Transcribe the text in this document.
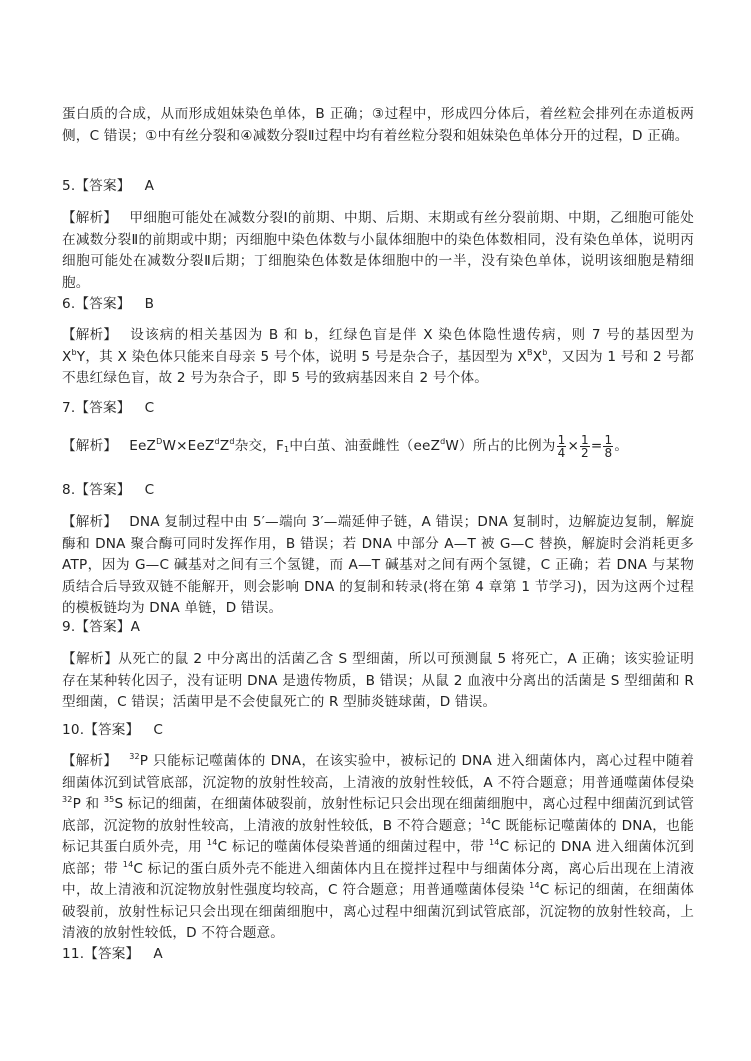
蛋白质的合成，从而形成姐妹染色单体，B 正确；③过程中，形成四分体后，着丝粒会排列在赤道板两侧，C 错误；①中有丝分裂和④减数分裂Ⅱ过程中均有着丝粒分裂和姐妹染色单体分开的过程，D 正确。

5.【答案】 A

【解析】 甲细胞可能处在减数分裂Ⅰ的前期、中期、后期、末期或有丝分裂前期、中期，乙细胞可能处在减数分裂Ⅱ的前期或中期；丙细胞中染色体数与小鼠体细胞中的染色体数相同，没有染色单体，说明丙细胞可能处在减数分裂Ⅱ后期；丁细胞染色体数是体细胞中的一半，没有染色单体，说明该细胞是精细胞。

6.【答案】 B

【解析】 设该病的相关基因为 B 和 b，红绿色盲是伴 X 染色体隐性遗传病，则 7 号的基因型为 $X^bY$，其 X 染色体只能来自母亲 5 号个体，说明 5 号是杂合子，基因型为 $X^BX^b$，又因为 1 号和 2 号都不患红绿色盲，故 2 号为杂合子，即 5 号的致病基因来自 2 号个体。

7.【答案】 C

【解析】 $EeZ^DW\times EeZ^dZ^d$杂交，$F_1$中白茧、油蚕雌性（eeZ$^d$W）所占的比例为 $\frac{1}{4} \times \frac{1}{2} = \frac{1}{8}$ 。

8.【答案】 C

【解析】 DNA 复制过程中由 5′—端向 3′—端延伸子链，A 错误；DNA 复制时，边解旋边复制，解旋酶和 DNA 聚合酶可同时发挥作用，B 错误；若 DNA 中部分 A—T 被 G—C 替换，解旋时会消耗更多 ATP，因为 G—C 碱基对之间有三个氢键，而 A—T 碱基对之间有两个氢键，C 正确；若 DNA 与某物质结合后导致双链不能解开，则会影响 DNA 的复制和转录(将在第 4 章第 1 节学习)，因为这两个过程的模板链均为 DNA 单链，D 错误。

9.【答案】A

【解析】从死亡的鼠 2 中分离出的活菌乙含 S 型细菌，所以可预测鼠 5 将死亡，A 正确；该实验证明存在某种转化因子，没有证明 DNA 是遗传物质，B 错误；从鼠 2 血液中分离出的活菌是 S 型细菌和 R 型细菌，C 错误；活菌甲是不会使鼠死亡的 R 型肺炎链球菌，D 错误。

10.【答案】 C

【解析】 $^{32}$P 只能标记噬菌体的 DNA，在该实验中，被标记的 DNA 进入细菌体内，离心过程中随着细菌体沉到试管底部，沉淀物的放射性较高，上清液的放射性较低，A 不符合题意；用普通噬菌体侵染 $^{32}$P 和 $^{35}$S 标记的细菌，在细菌体破裂前，放射性标记只会出现在细菌细胞中，离心过程中细菌沉到试管底部，沉淀物的放射性较高，上清液的放射性较低，B 不符合题意；$^{14}$C 既能标记噬菌体的 DNA，也能标记其蛋白质外壳，用 $^{14}$C 标记的噬菌体侵染普通的细菌过程中，带 $^{14}$C 标记的 DNA 进入细菌体沉到底部；带 $^{14}$C 标记的蛋白质外壳不能进入细菌体内且在搅拌过程中与细菌体分离，离心后出现在上清液中，故上清液和沉淀物放射性强度均较高，C 符合题意；用普通噬菌体侵染 $^{14}$C 标记的细菌，在细菌体破裂前，放射性标记只会出现在细菌细胞中，离心过程中细菌沉到试管底部，沉淀物的放射性较高，上清液的放射性较低，D 不符合题意。

11.【答案】 A
